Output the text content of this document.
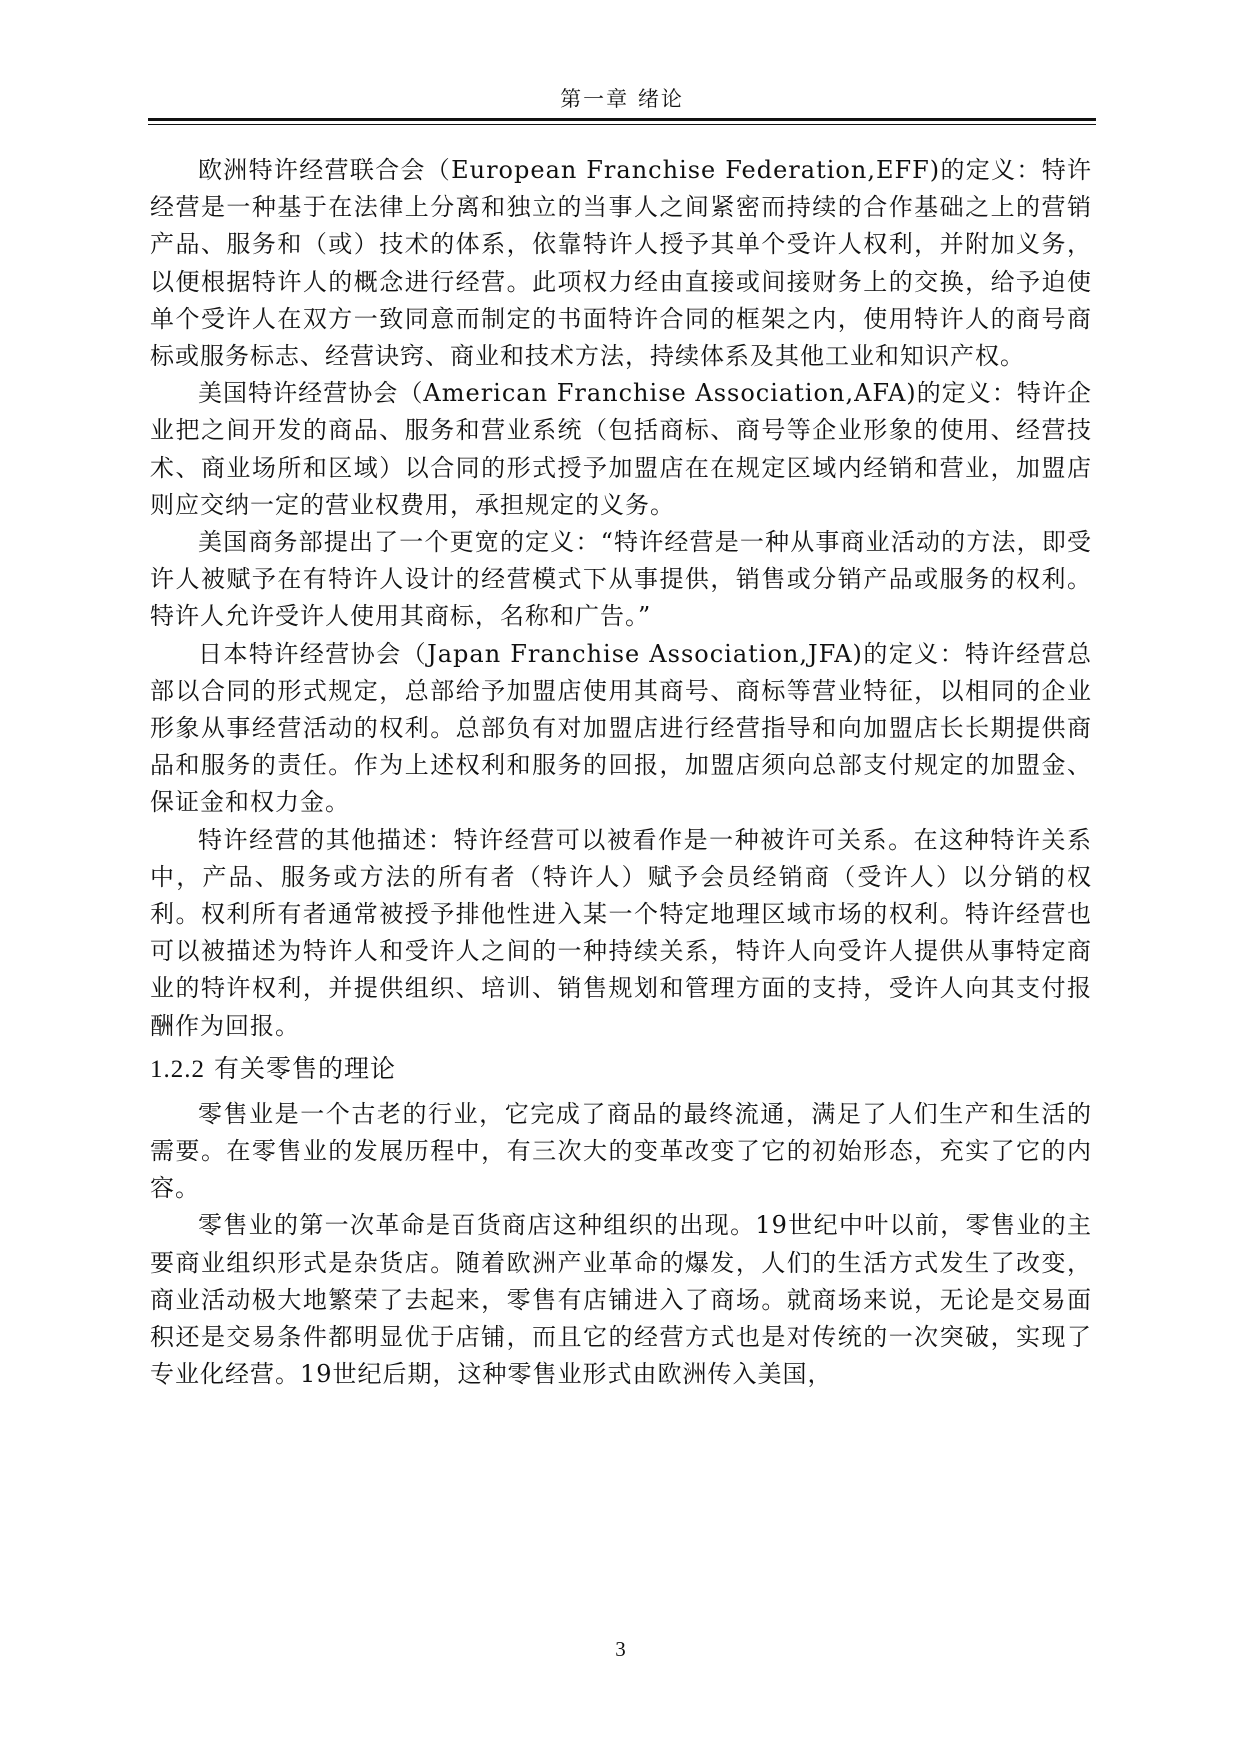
第一章 绪论

欧洲特许经营联合会（European Franchise Federation,EFF)的定义：特许经营是一种基于在法律上分离和独立的当事人之间紧密而持续的合作基础之上的营销产品、服务和（或）技术的体系，依靠特许人授予其单个受许人权利，并附加义务，以便根据特许人的概念进行经营。此项权力经由直接或间接财务上的交换，给予迫使单个受许人在双方一致同意而制定的书面特许合同的框架之内，使用特许人的商号商标或服务标志、经营诀窍、商业和技术方法，持续体系及其他工业和知识产权。

美国特许经营协会（American Franchise Association,AFA)的定义：特许企业把之间开发的商品、服务和营业系统（包括商标、商号等企业形象的使用、经营技术、商业场所和区域）以合同的形式授予加盟店在在规定区域内经销和营业，加盟店则应交纳一定的营业权费用，承担规定的义务。

美国商务部提出了一个更宽的定义：“特许经营是一种从事商业活动的方法，即受许人被赋予在有特许人设计的经营模式下从事提供，销售或分销产品或服务的权利。特许人允许受许人使用其商标，名称和广告。”

日本特许经营协会（Japan Franchise Association,JFA)的定义：特许经营总部以合同的形式规定，总部给予加盟店使用其商号、商标等营业特征，以相同的企业形象从事经营活动的权利。总部负有对加盟店进行经营指导和向加盟店长长期提供商品和服务的责任。作为上述权利和服务的回报，加盟店须向总部支付规定的加盟金、保证金和权力金。

特许经营的其他描述：特许经营可以被看作是一种被许可关系。在这种特许关系中，产品、服务或方法的所有者（特许人）赋予会员经销商（受许人）以分销的权利。权利所有者通常被授予排他性进入某一个特定地理区域市场的权利。特许经营也可以被描述为特许人和受许人之间的一种持续关系，特许人向受许人提供从事特定商业的特许权利，并提供组织、培训、销售规划和管理方面的支持，受许人向其支付报酬作为回报。

1.2.2 有关零售的理论

零售业是一个古老的行业，它完成了商品的最终流通，满足了人们生产和生活的需要。在零售业的发展历程中，有三次大的变革改变了它的初始形态，充实了它的内容。

零售业的第一次革命是百货商店这种组织的出现。19世纪中叶以前，零售业的主要商业组织形式是杂货店。随着欧洲产业革命的爆发，人们的生活方式发生了改变，商业活动极大地繁荣了去起来，零售有店铺进入了商场。就商场来说，无论是交易面积还是交易条件都明显优于店铺，而且它的经营方式也是对传统的一次突破，实现了专业化经营。19世纪后期，这种零售业形式由欧洲传入美国，

3
